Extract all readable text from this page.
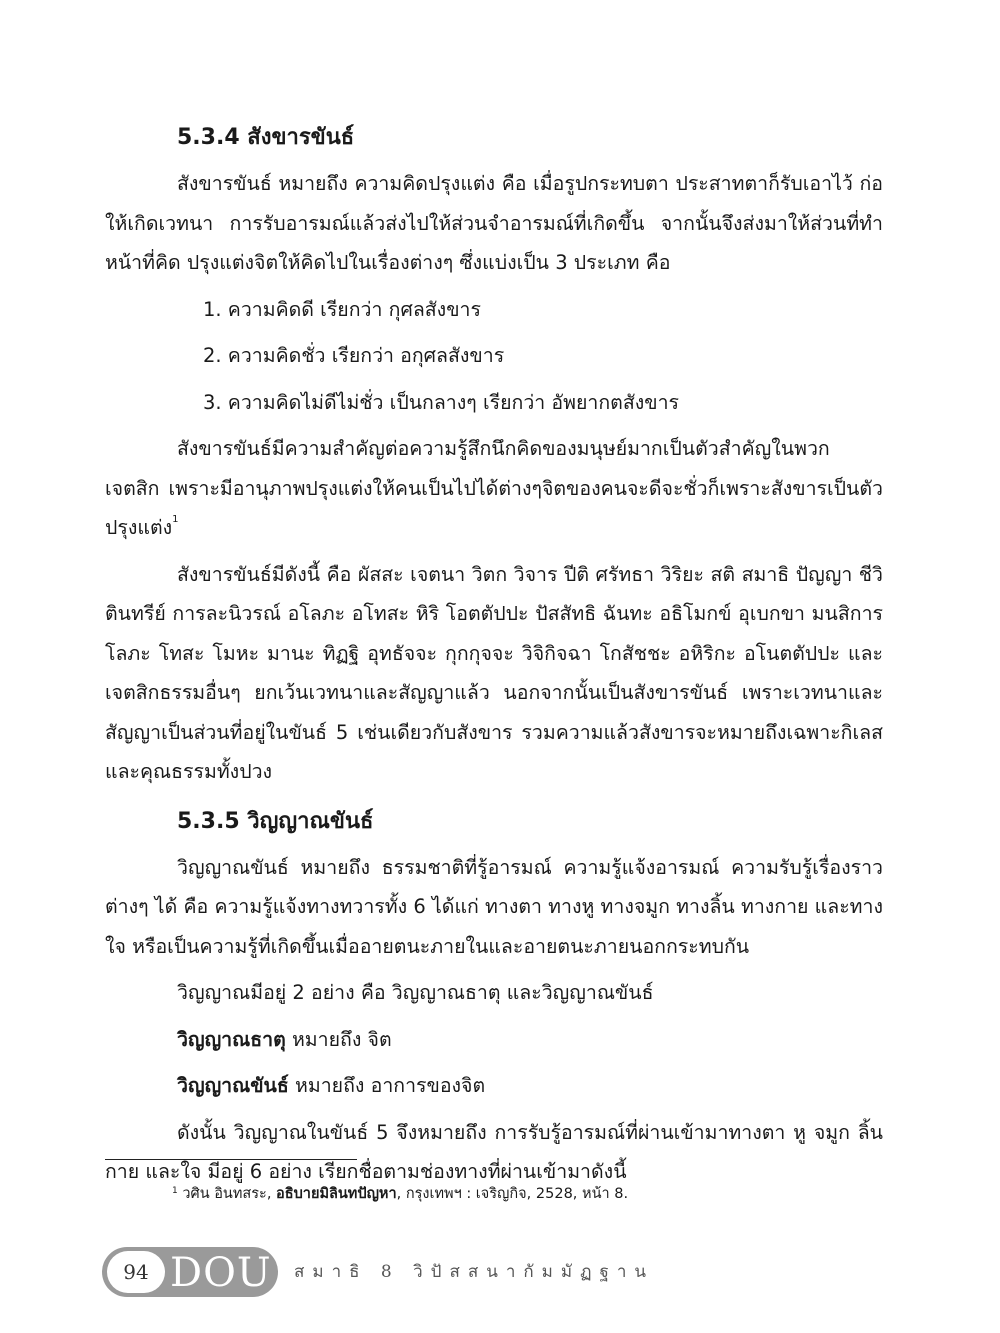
5.3.4 สังขารขันธ์

สังขารขันธ์ หมายถึง ความคิดปรุงแต่ง คือ เมื่อรูปกระทบตา ประสาทตาก็รับเอาไว้ ก่อให้เกิดเวทนา การรับอารมณ์แล้วส่งไปให้ส่วนจำอารมณ์ที่เกิดขึ้น จากนั้นจึงส่งมาให้ส่วนที่ทำหน้าที่คิด ปรุงแต่งจิตให้คิดไปในเรื่องต่างๆ ซึ่งแบ่งเป็น 3 ประเภท คือ

1. ความคิดดี เรียกว่า กุศลสังขาร

2. ความคิดชั่ว เรียกว่า อกุศลสังขาร

3. ความคิดไม่ดีไม่ชั่ว เป็นกลางๆ เรียกว่า อัพยากตสังขาร

สังขารขันธ์มีความสำคัญต่อความรู้สึกนึกคิดของมนุษย์มากเป็นตัวสำคัญในพวกเจตสิก เพราะมีอานุภาพปรุงแต่งให้คนเป็นไปได้ต่างๆจิตของคนจะดีจะชั่วก็เพราะสังขารเป็นตัวปรุงแต่ง$^1$

สังขารขันธ์มีดังนี้ คือ ผัสสะ เจตนา วิตก วิจาร ปีติ ศรัทธา วิริยะ สติ สมาธิ ปัญญา ชีวิตินทรีย์ การละนิวรณ์ อโลภะ อโทสะ หิริ โอตตัปปะ ปัสสัทธิ ฉันทะ อธิโมกข์ อุเบกขา มนสิการ โลภะ โทสะ โมหะ มานะ ทิฏฐิ อุทธัจจะ กุกกุจจะ วิจิกิจฉา โกสัชชะ อหิริกะ อโนตตัปปะ และเจตสิกธรรมอื่นๆ ยกเว้นเวทนาและสัญญาแล้ว นอกจากนั้นเป็นสังขารขันธ์ เพราะเวทนาและสัญญาเป็นส่วนที่อยู่ในขันธ์ 5 เช่นเดียวกับสังขาร รวมความแล้วสังขารจะหมายถึงเฉพาะกิเลสและคุณธรรมทั้งปวง

5.3.5 วิญญาณขันธ์

วิญญาณขันธ์ หมายถึง ธรรมชาติที่รู้อารมณ์ ความรู้แจ้งอารมณ์ ความรับรู้เรื่องราวต่างๆ ได้ คือ ความรู้แจ้งทางทวารทั้ง 6 ได้แก่ ทางตา ทางหู ทางจมูก ทางลิ้น ทางกาย และทางใจ หรือเป็นความรู้ที่เกิดขึ้นเมื่ออายตนะภายในและอายตนะภายนอกกระทบกัน

วิญญาณมีอยู่ 2 อย่าง คือ วิญญาณธาตุ และวิญญาณขันธ์

วิญญาณธาตุ หมายถึง จิต

วิญญาณขันธ์ หมายถึง อาการของจิต

ดังนั้น วิญญาณในขันธ์ 5 จึงหมายถึง การรับรู้อารมณ์ที่ผ่านเข้ามาทางตา หู จมูก ลิ้น กาย และใจ มีอยู่ 6 อย่าง เรียกชื่อตามช่องทางที่ผ่านเข้ามาดังนี้

$^1$ วศิน อินทสระ, อธิบายมิลินทปัญหา, กรุงเทพฯ : เจริญกิจ, 2528, หน้า 8.
94 DOU สมาธิ 8 วิปัสสนากัมมัฏฐาน
